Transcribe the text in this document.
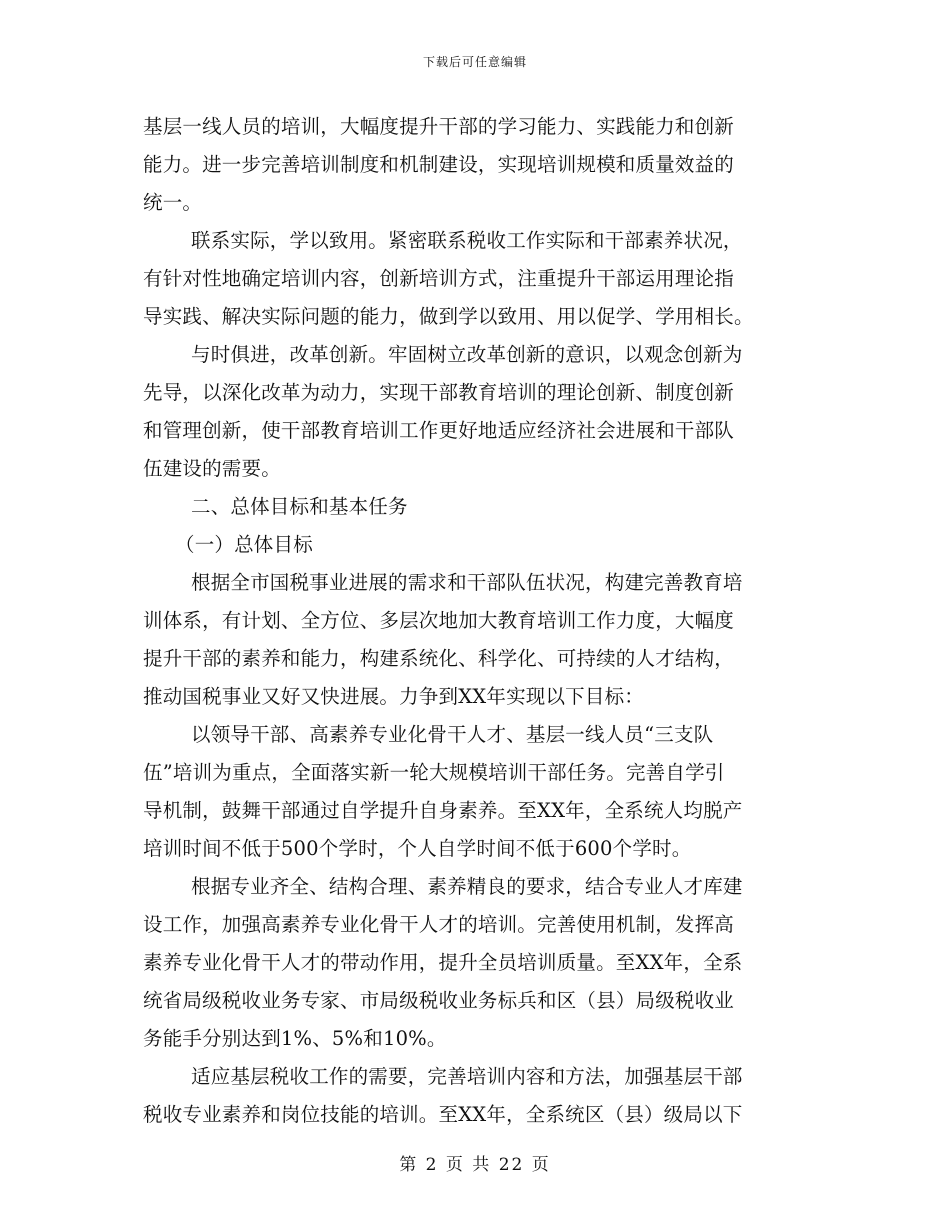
下载后可任意编辑
基层一线人员的培训，大幅度提升干部的学习能力、实践能力和创新
能力。进一步完善培训制度和机制建设，实现培训规模和质量效益的
统一。
联系实际，学以致用。紧密联系税收工作实际和干部素养状况，
有针对性地确定培训内容，创新培训方式，注重提升干部运用理论指
导实践、解决实际问题的能力，做到学以致用、用以促学、学用相长。
与时俱进，改革创新。牢固树立改革创新的意识，以观念创新为
先导，以深化改革为动力，实现干部教育培训的理论创新、制度创新
和管理创新，使干部教育培训工作更好地适应经济社会进展和干部队
伍建设的需要。
二、总体目标和基本任务
（一）总体目标
根据全市国税事业进展的需求和干部队伍状况，构建完善教育培
训体系，有计划、全方位、多层次地加大教育培训工作力度，大幅度
提升干部的素养和能力，构建系统化、科学化、可持续的人才结构，
推动国税事业又好又快进展。力争到XX年实现以下目标：
以领导干部、高素养专业化骨干人才、基层一线人员“三支队
伍”培训为重点，全面落实新一轮大规模培训干部任务。完善自学引
导机制，鼓舞干部通过自学提升自身素养。至XX年，全系统人均脱产
培训时间不低于500个学时，个人自学时间不低于600个学时。
根据专业齐全、结构合理、素养精良的要求，结合专业人才库建
设工作，加强高素养专业化骨干人才的培训。完善使用机制，发挥高
素养专业化骨干人才的带动作用，提升全员培训质量。至XX年，全系
统省局级税收业务专家、市局级税收业务标兵和区（县）局级税收业
务能手分别达到1%、5%和10%。
适应基层税收工作的需要，完善培训内容和方法，加强基层干部
税收专业素养和岗位技能的培训。至XX年，全系统区（县）级局以下
第 2 页 共 22 页
